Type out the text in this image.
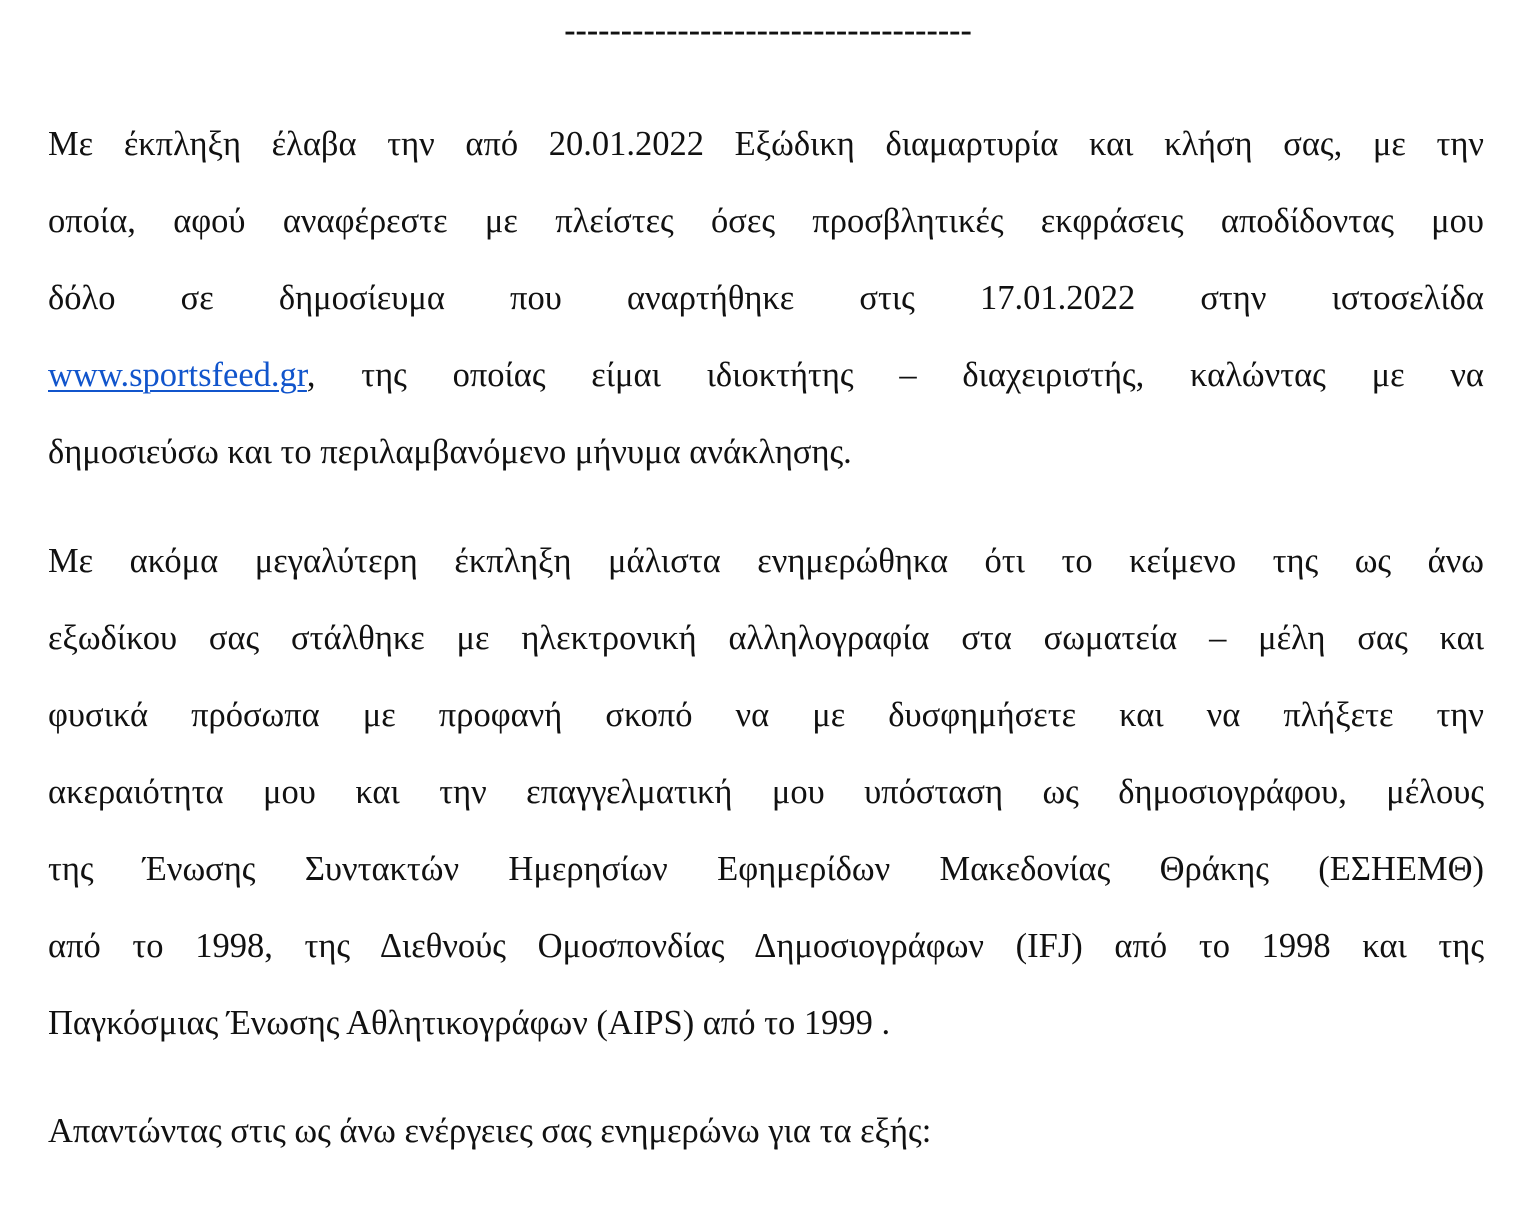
------------------------------------
Με έκπληξη έλαβα την από 20.01.2022 Εξώδικη διαμαρτυρία και κλήση σας, με την
οποία, αφού αναφέρεστε με πλείστες όσες προσβλητικές εκφράσεις αποδίδοντας μου
δόλο σε δημοσίευμα που αναρτήθηκε στις 17.01.2022 στην ιστοσελίδα
www.sportsfeed.gr, της οποίας είμαι ιδιοκτήτης – διαχειριστής, καλώντας με να
δημοσιεύσω και το περιλαμβανόμενο μήνυμα ανάκλησης.
Με ακόμα μεγαλύτερη έκπληξη μάλιστα ενημερώθηκα ότι το κείμενο της ως άνω
εξωδίκου σας στάλθηκε με ηλεκτρονική αλληλογραφία στα σωματεία – μέλη σας και
φυσικά πρόσωπα με προφανή σκοπό να με δυσφημήσετε και να πλήξετε την
ακεραιότητα μου και την επαγγελματική μου υπόσταση ως δημοσιογράφου, μέλους
της Ένωσης Συντακτών Ημερησίων Εφημερίδων Μακεδονίας Θράκης (ΕΣΗΕΜΘ)
από το 1998, της Διεθνούς Ομοσπονδίας Δημοσιογράφων (IFJ) από το 1998 και της
Παγκόσμιας Ένωσης Αθλητικογράφων (AIPS) από το 1999 .
Απαντώντας στις ως άνω ενέργειες σας ενημερώνω για τα εξής:
